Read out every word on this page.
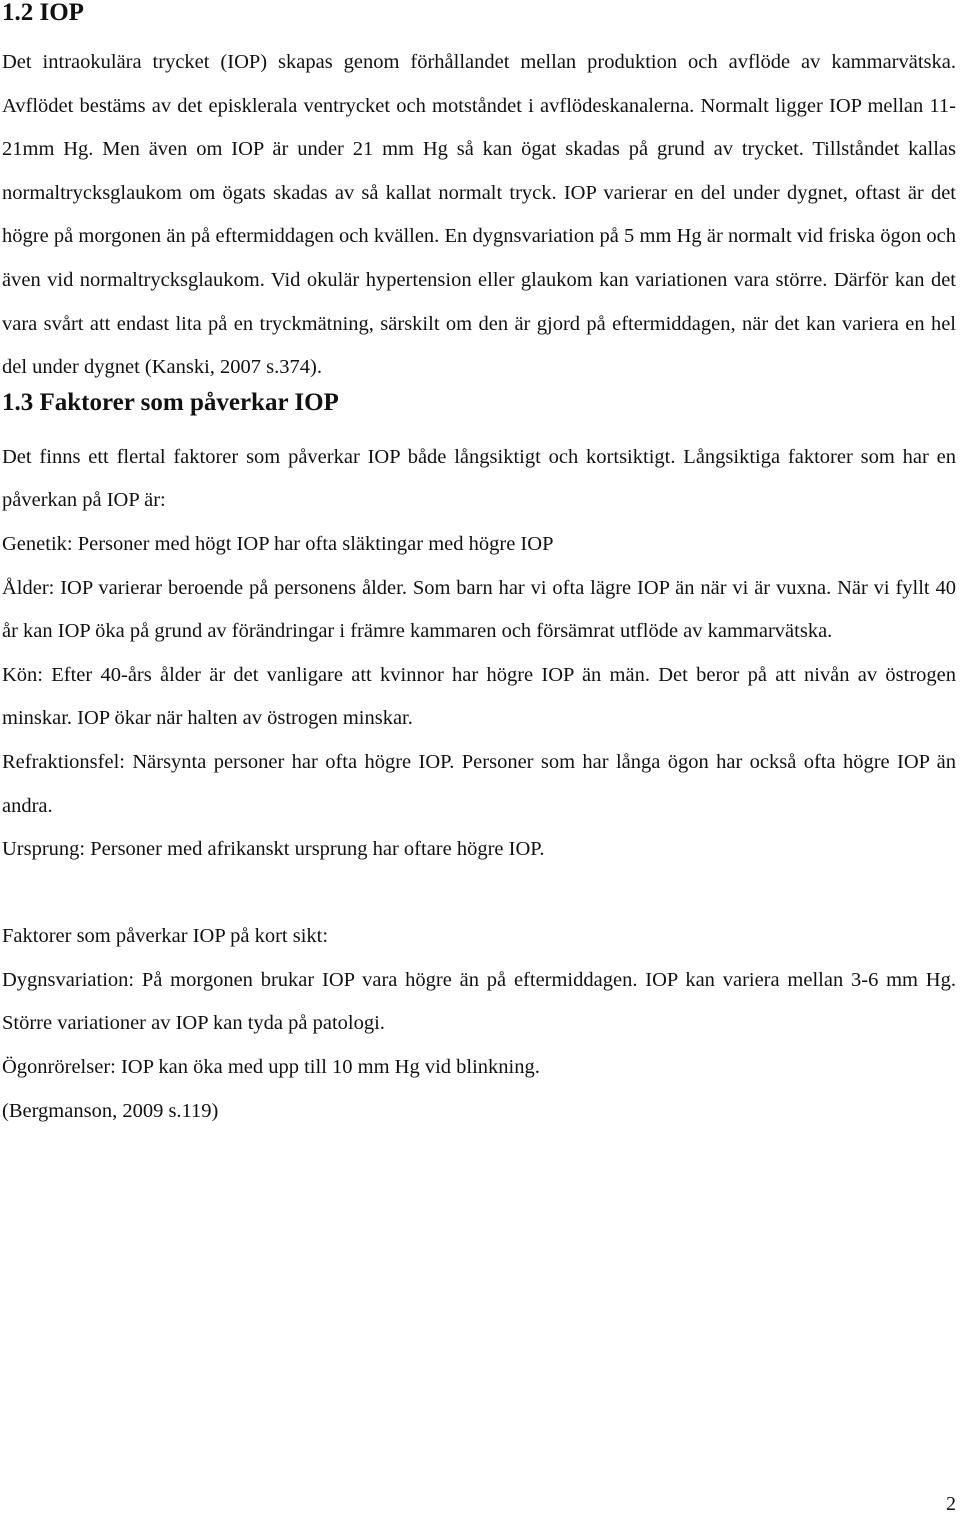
1.2 IOP

Det intraokulära trycket (IOP) skapas genom förhållandet mellan produktion och avflöde av kammarvätska. Avflödet bestäms av det episklerala ventrycket och motståndet i avflödeskanalerna. Normalt ligger IOP mellan 11-21mm Hg. Men även om IOP är under 21 mm Hg så kan ögat skadas på grund av trycket. Tillståndet kallas normaltrycksglaukom om ögats skadas av så kallat normalt tryck. IOP varierar en del under dygnet, oftast är det högre på morgonen än på eftermiddagen och kvällen. En dygnsvariation på 5 mm Hg är normalt vid friska ögon och även vid normaltrycksglaukom. Vid okulär hypertension eller glaukom kan variationen vara större. Därför kan det vara svårt att endast lita på en tryckmätning, särskilt om den är gjord på eftermiddagen, när det kan variera en hel del under dygnet (Kanski, 2007 s.374).

1.3 Faktorer som påverkar IOP

Det finns ett flertal faktorer som påverkar IOP både långsiktigt och kortsiktigt. Långsiktiga faktorer som har en påverkan på IOP är:

Genetik: Personer med högt IOP har ofta släktingar med högre IOP

Ålder: IOP varierar beroende på personens ålder. Som barn har vi ofta lägre IOP än när vi är vuxna. När vi fyllt 40 år kan IOP öka på grund av förändringar i främre kammaren och försämrat utflöde av kammarvätska.

Kön: Efter 40-års ålder är det vanligare att kvinnor har högre IOP än män. Det beror på att nivån av östrogen minskar. IOP ökar när halten av östrogen minskar.

Refraktionsfel: Närsynta personer har ofta högre IOP. Personer som har långa ögon har också ofta högre IOP än andra.

Ursprung: Personer med afrikanskt ursprung har oftare högre IOP.

Faktorer som påverkar IOP på kort sikt:

Dygnsvariation: På morgonen brukar IOP vara högre än på eftermiddagen. IOP kan variera mellan 3-6 mm Hg. Större variationer av IOP kan tyda på patologi.

Ögonrörelser: IOP kan öka med upp till 10 mm Hg vid blinkning.

(Bergmanson, 2009 s.119)

2
